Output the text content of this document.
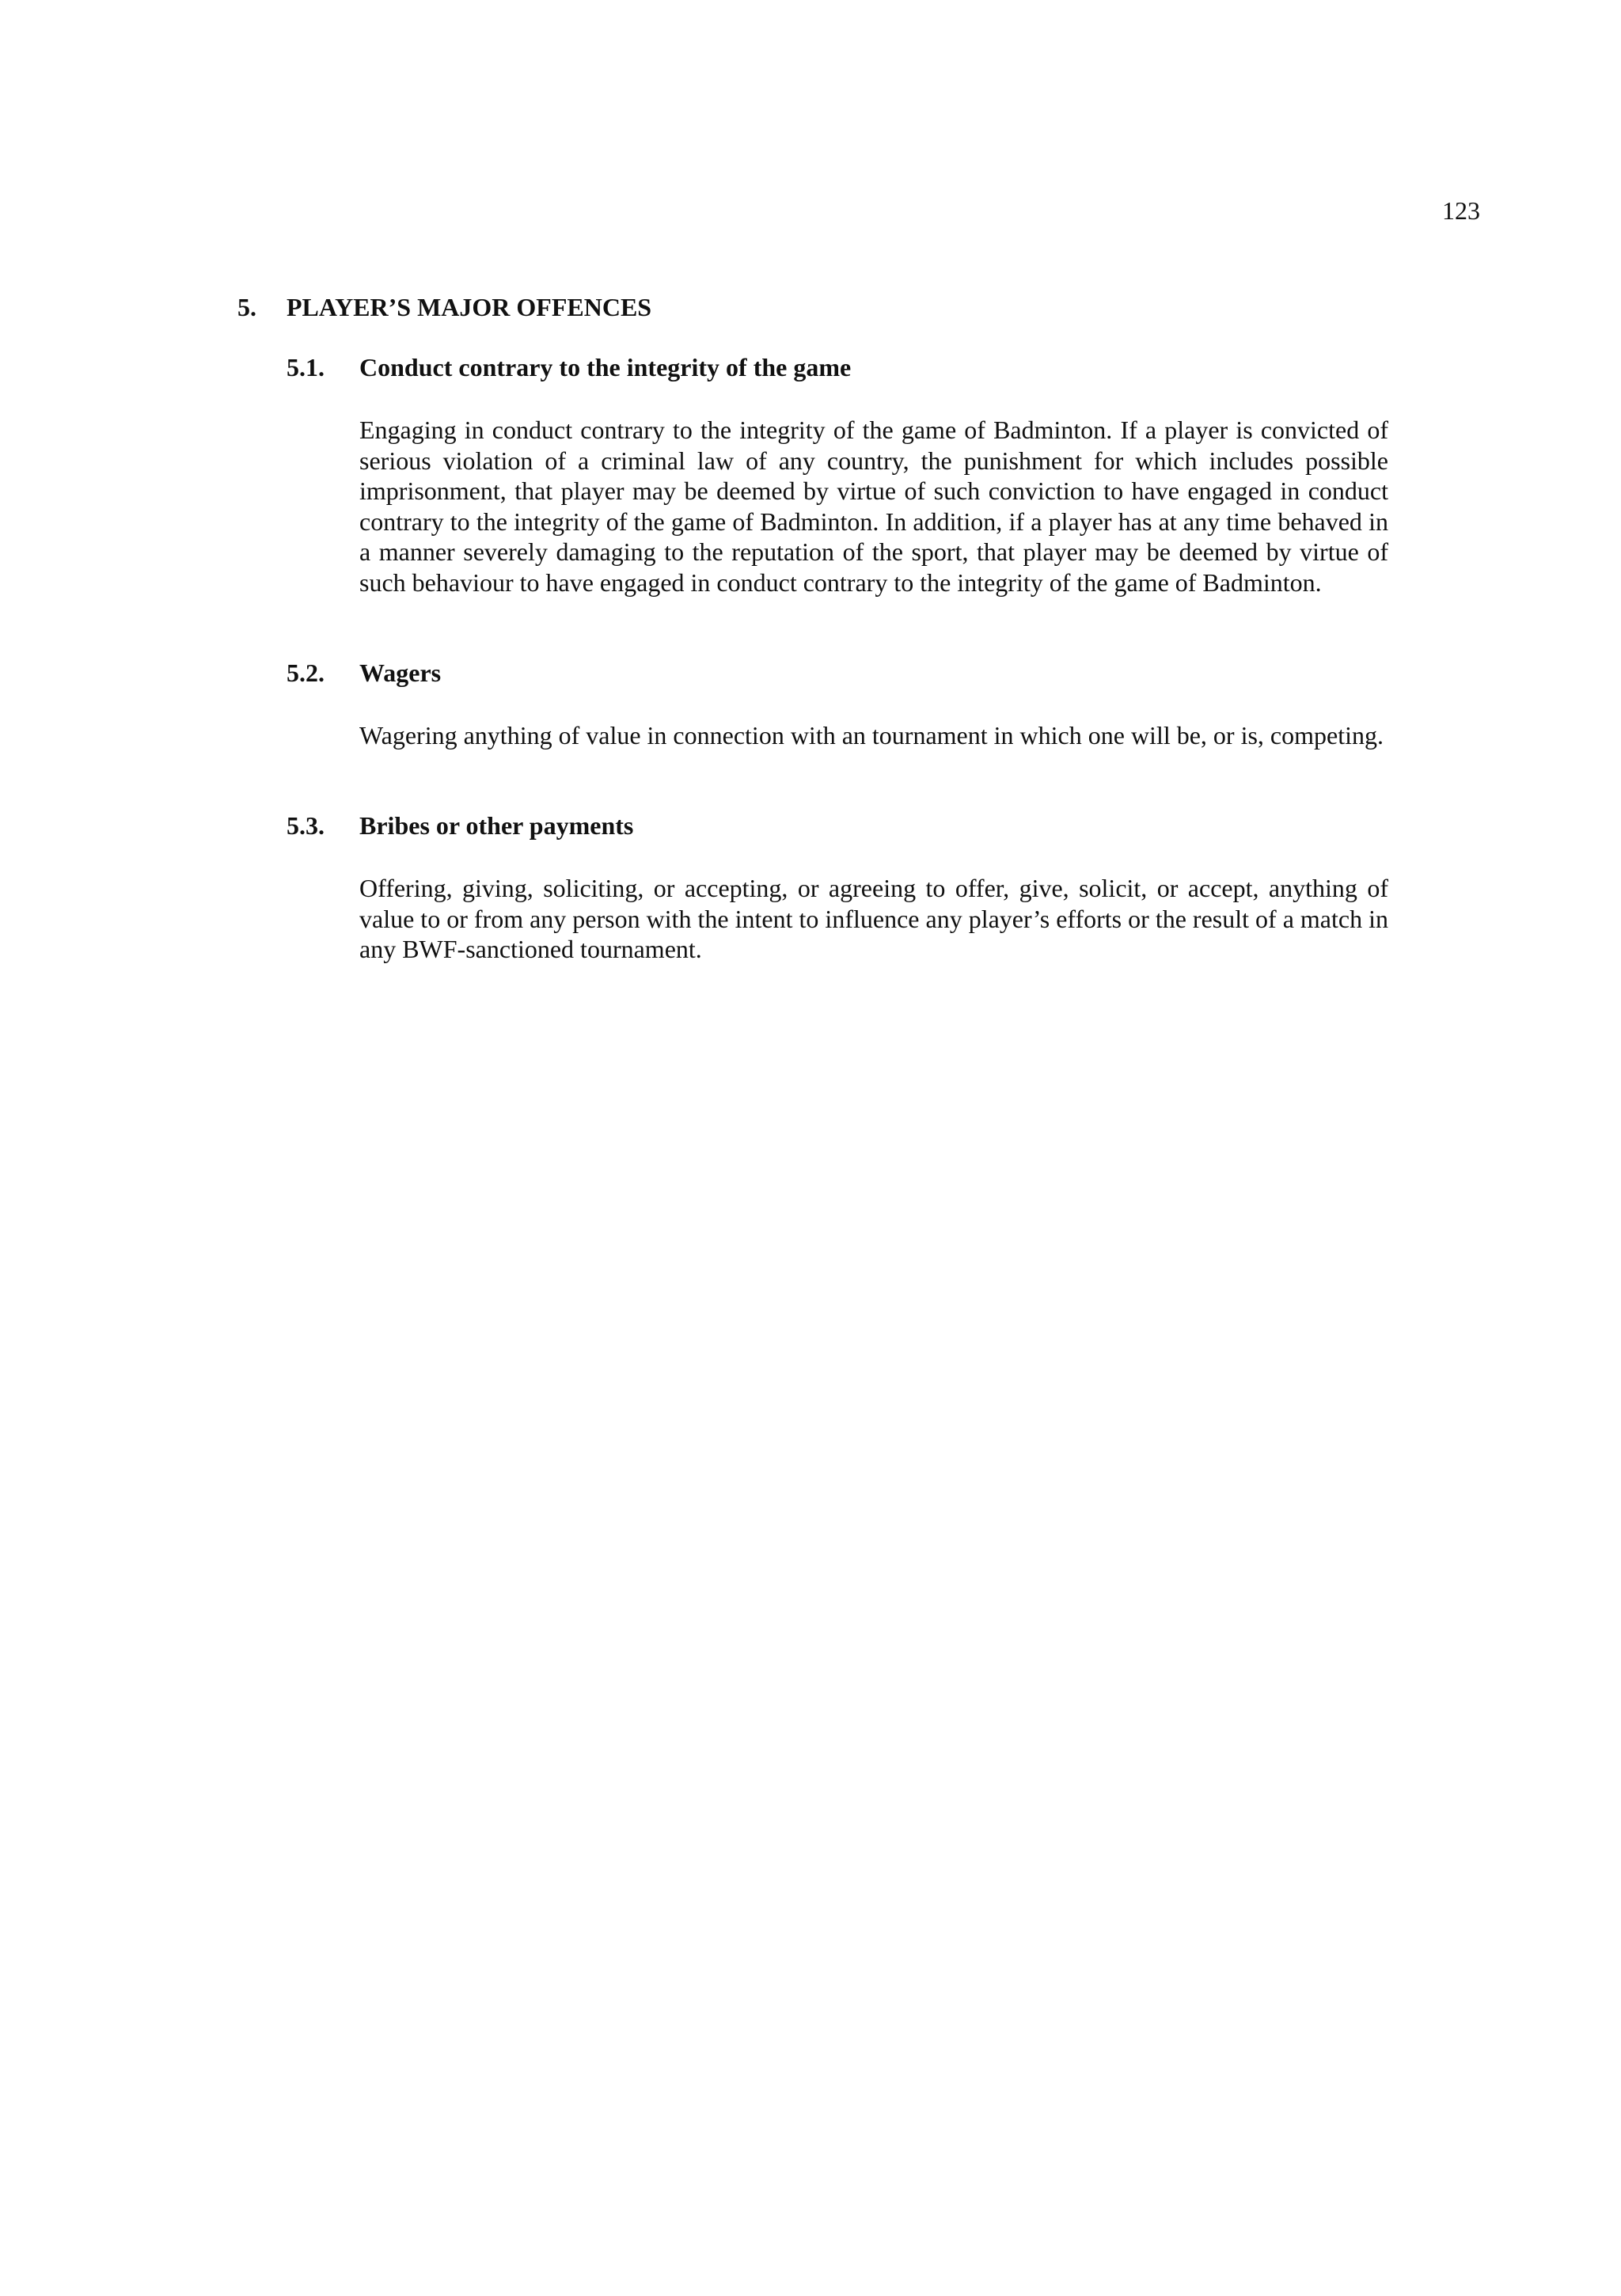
123
5. PLAYER’S MAJOR OFFENCES
5.1. Conduct contrary to the integrity of the game
Engaging in conduct contrary to the integrity of the game of Badminton. If a player is convicted of serious violation of a criminal law of any country, the punishment for which includes possible imprisonment, that player may be deemed by virtue of such conviction to have engaged in conduct contrary to the integrity of the game of Badminton. In addition, if a player has at any time behaved in a manner severely damaging to the reputation of the sport, that player may be deemed by virtue of such behaviour to have engaged in conduct contrary to the integrity of the game of Badminton.
5.2. Wagers
Wagering anything of value in connection with an tournament in which one will be, or is, competing.
5.3. Bribes or other payments
Offering, giving, soliciting, or accepting, or agreeing to offer, give, solicit, or accept, anything of value to or from any person with the intent to influence any player’s efforts or the result of a match in any BWF-sanctioned tournament.
